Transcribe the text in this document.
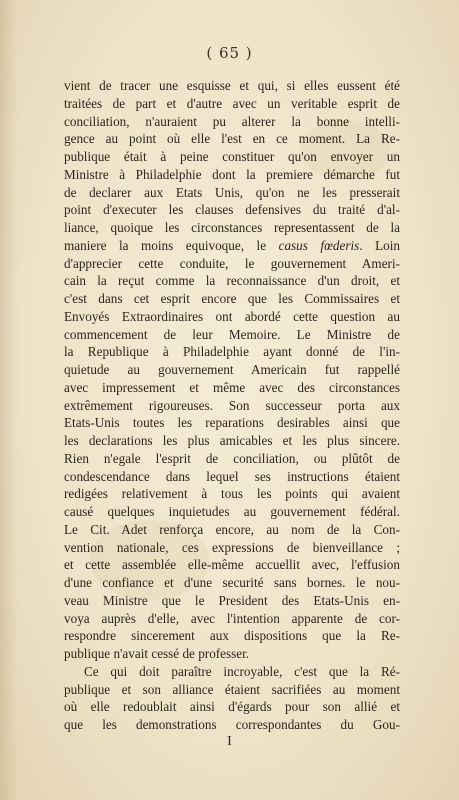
( 65 )
vient de tracer une esquisse et qui, si elles eussent été
traitées de part et d'autre avec un veritable esprit de
conciliation, n'auraient pu alterer la bonne intelli-
gence au point où elle l'est en ce moment. La Re-
publique était à peine constituer qu'on envoyer un
Ministre à Philadelphie dont la premiere démarche fut
de declarer aux Etats Unis, qu'on ne les presserait
point d'executer les clauses defensives du traité d'al-
liance, quoique les circonstances representassent de la
maniere la moins equivoque, le casus fœderis. Loin
d'apprecier cette conduite, le gouvernement Ameri-
cain la reçut comme la reconnaissance d'un droit, et
c'est dans cet esprit encore que les Commissaires et
Envoyés Extraordinaires ont abordé cette question au
commencement de leur Memoire. Le Ministre de
la Republique à Philadelphie ayant donné de l'in-
quietude au gouvernement Americain fut rappellé
avec impressement et même avec des circonstances
extrêmement rigoureuses. Son successeur porta aux
Etats-Unis toutes les reparations desirables ainsi que
les declarations les plus amicables et les plus sincere.
Rien n'egale l'esprit de conciliation, ou plûtôt de
condescendance dans lequel ses instructions étaient
redigées relativement à tous les points qui avaient
causé quelques inquietudes au gouvernement fédéral.
Le Cit. Adet renforça encore, au nom de la Con-
vention nationale, ces expressions de bienveillance ;
et cette assemblée elle-même accuellit avec, l'effusion
d'une confiance et d'une securité sans bornes. le nou-
veau Ministre que le President des Etats-Unis en-
voya auprès d'elle, avec l'intention apparente de cor-
respondre sincerement aux dispositions que la Re-
publique n'avait cessé de professer.
Ce qui doit paraître incroyable, c'est que la Ré-
publique et son alliance étaient sacrifiées au moment
où elle redoublait ainsi d'égards pour son allié et
que les demonstrations correspondantes du Gou-
I
